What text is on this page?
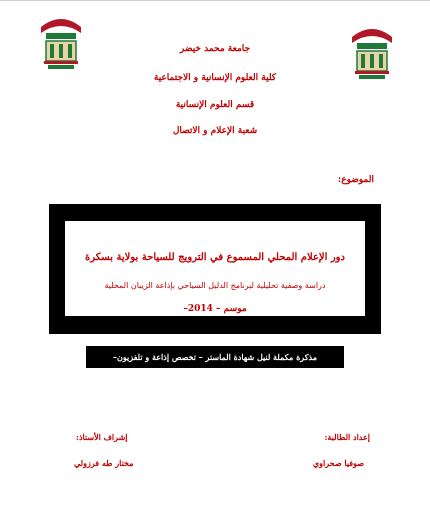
جامعة محمد خيضر
كلية العلوم الإنسانية و الاجتماعية
قسم العلوم الإنسانية
شعبة الإعلام و الاتصال
الموضوع:
دور الإعلام المحلي المسموع في الترويج للسياحة بولاية بسكرة
دراسة وصفية تحليلية لبرنامج الدليل السياحي بإذاعة الزيبان المحلية
موسم – 2014–
مذكرة مكملة لنيل شهادة الماستر – تخصص إذاعة و تلفزيون–
إعداد الطالبة:
إشراف الأستاذ:
صوفيا صحراوي
مختار طه فرزولي
